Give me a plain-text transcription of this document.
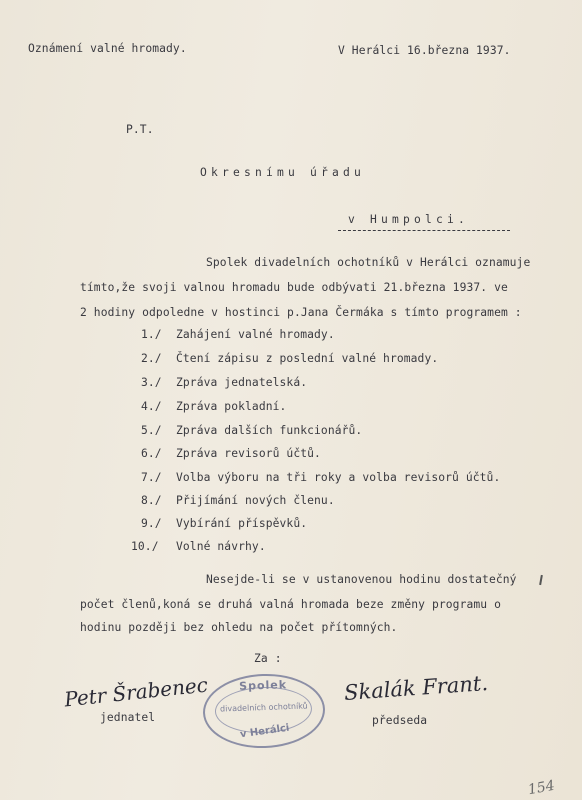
Oznámení valné hromady.	V Herálci 16.března 1937.
P.T.
Okresnímu úřadu
v Humpolci.
Spolek divadelních ochotníků v Herálci oznamuje
tímto,že svoji valnou hromadu bude odbývati 21.března 1937. ve
2 hodiny odpoledne v hostinci p.Jana Čermáka s tímto programem :
1./ Zahájení valné hromady.
2./ Čtení zápisu z poslední valné hromady.
3./ Zpráva jednatelská.
4./ Zpráva pokladní.
5./ Zpráva dalších funkcionářů.
6./ Zpráva revisorů účtů.
7./ Volba výboru na tři roky a volba revisorů účtů.
8./ Přijímání nových členu.
9./ Vybírání příspěvků.
10./ Volné návrhy.
Nesejde-li se v ustanovenou hodinu dostatečný
počet členů,koná se druhá valná hromada beze změny programu o
hodinu později bez ohledu na počet přítomných.
Za :
Petr Šrabenec
jednatel
Spolek
divadelních ochotníků
v Herálci
Skalák Frant.
předseda
154
